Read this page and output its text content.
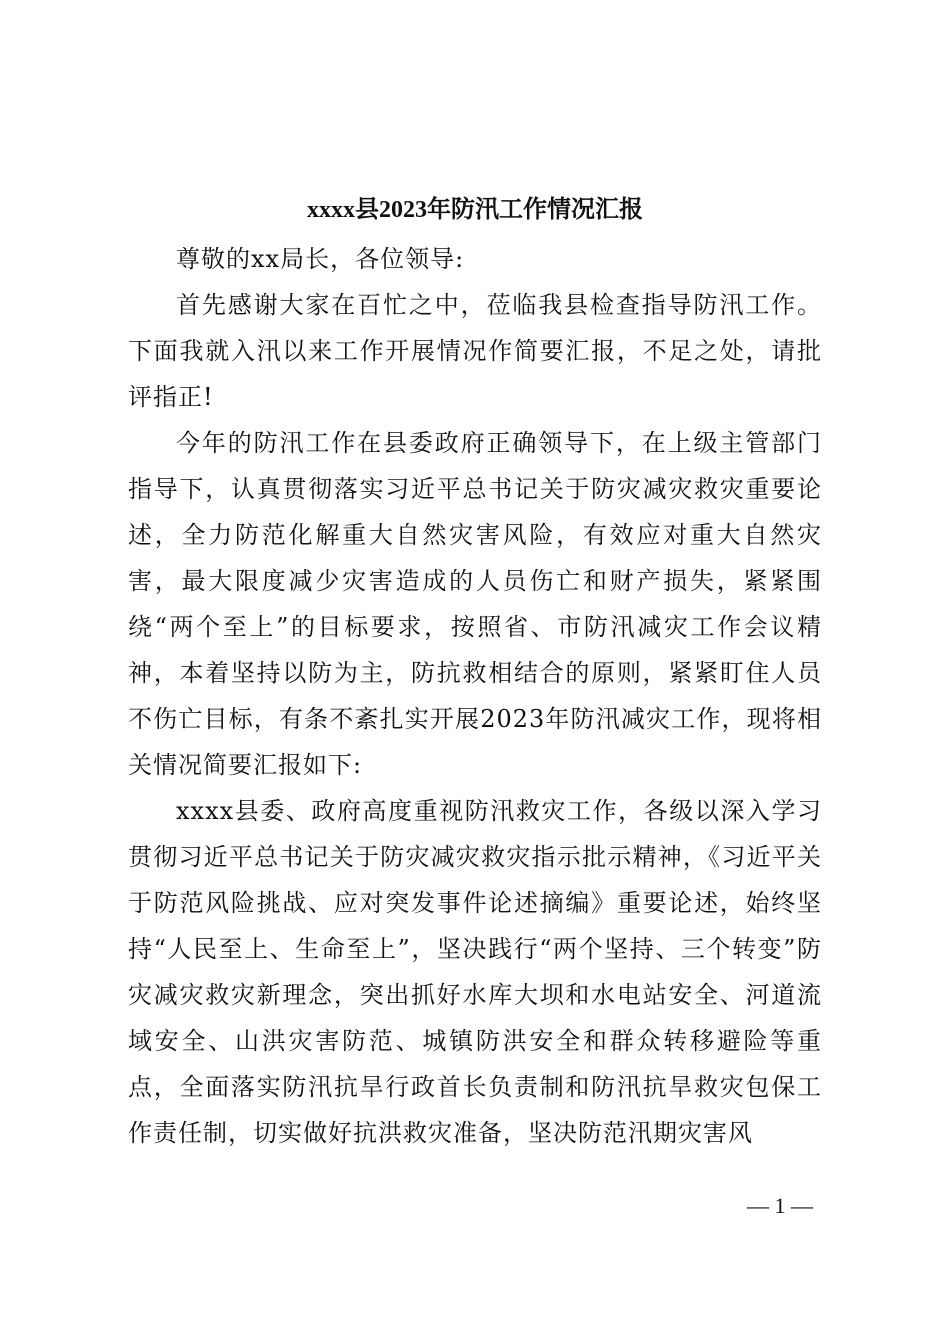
xxxx县2023年防汛工作情况汇报

尊敬的xx局长，各位领导:

首先感谢大家在百忙之中，莅临我县检查指导防汛工作。下面我就入汛以来工作开展情况作简要汇报，不足之处，请批评指正!

今年的防汛工作在县委政府正确领导下，在上级主管部门指导下，认真贯彻落实习近平总书记关于防灾减灾救灾重要论述，全力防范化解重大自然灾害风险，有效应对重大自然灾害，最大限度减少灾害造成的人员伤亡和财产损失，紧紧围绕“两个至上”的目标要求，按照省、市防汛减灾工作会议精神，本着坚持以防为主，防抗救相结合的原则，紧紧盯住人员不伤亡目标，有条不紊扎实开展2023年防汛减灾工作，现将相关情况简要汇报如下:

xxxx县委、政府高度重视防汛救灾工作，各级以深入学习贯彻习近平总书记关于防灾减灾救灾指示批示精神，《习近平关于防范风险挑战、应对突发事件论述摘编》重要论述，始终坚持“人民至上、生命至上”，坚决践行“两个坚持、三个转变”防灾减灾救灾新理念，突出抓好水库大坝和水电站安全、河道流域安全、山洪灾害防范、城镇防洪安全和群众转移避险等重点，全面落实防汛抗旱行政首长负责制和防汛抗旱救灾包保工作责任制，切实做好抗洪救灾准备，坚决防范汛期灾害风

— 1 —
